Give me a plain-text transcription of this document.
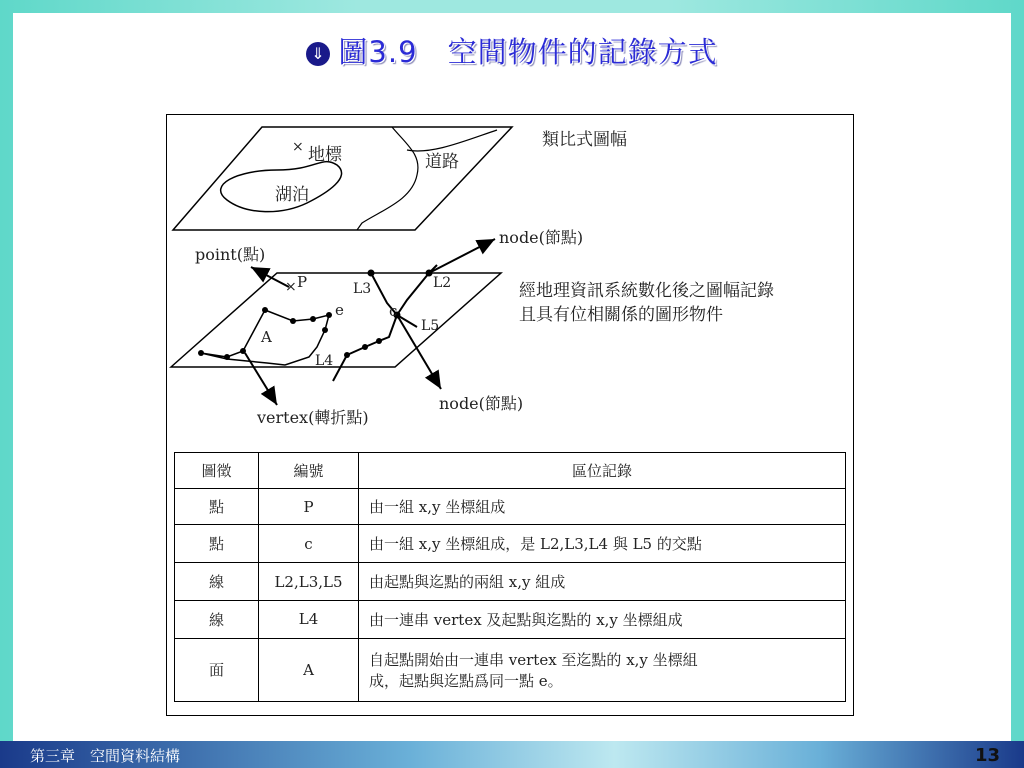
⇓ 圖3.9　 空間物件的記錄方式
× 地標	道路
湖泊
類比式圖幅
經地理資訊系統數化後之圖幅記錄
且具有位相關係的圖形物件
× P	L3	L2
e	c
L5
A
L4
point(點)
node(節點)
node(節點)
vertex(轉折點)
圖徵	編號	區位記錄
點	P	由一組 x,y 坐標組成
點	c	由一組 x,y 坐標組成，是 L2,L3,L4 與 L5 的交點
線	L2,L3,L5	由起點與迄點的兩組 x,y 組成
線	L4	由一連串 vertex 及起點與迄點的 x,y 坐標組成
面	A	自起點開始由一連串 vertex 至迄點的 x,y 坐標組
成，起點與迄點爲同一點 e。
第三章　空間資料結構	13
